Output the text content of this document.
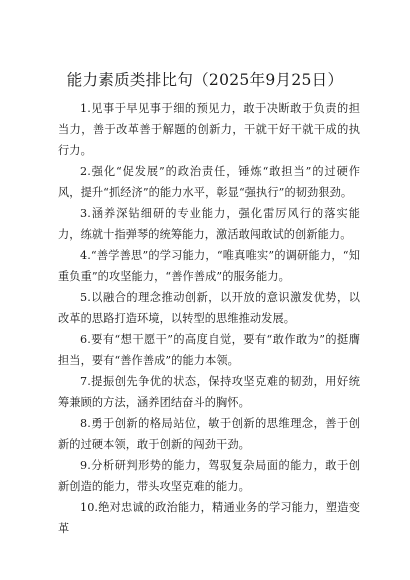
能力素质类排比句（2025年9月25日）

1.见事于早见事于细的预见力，敢于决断敢于负责的担当力，善于改革善于解题的创新力，干就干好干就干成的执行力。

2.强化“促发展”的政治责任，锤炼“敢担当”的过硬作风，提升“抓经济”的能力水平，彰显“强执行”的韧劲狠劲。

3.涵养深钻细研的专业能力，强化雷厉风行的落实能力，练就十指弹琴的统筹能力，激活敢闯敢试的创新能力。

4.“善学善思”的学习能力，“唯真唯实”的调研能力，“知重负重”的攻坚能力，“善作善成”的服务能力。

5.以融合的理念推动创新，以开放的意识激发优势，以改革的思路打造环境，以转型的思维推动发展。

6.要有“想干愿干”的高度自觉，要有“敢作敢为”的挺膺担当，要有“善作善成”的能力本领。

7.提振创先争优的状态，保持攻坚克难的韧劲，用好统筹兼顾的方法，涵养团结奋斗的胸怀。

8.勇于创新的格局站位，敏于创新的思维理念，善于创新的过硬本领，敢于创新的闯劲干劲。

9.分析研判形势的能力，驾驭复杂局面的能力，敢于创新创造的能力，带头攻坚克难的能力。

10.绝对忠诚的政治能力，精通业务的学习能力，塑造变革
